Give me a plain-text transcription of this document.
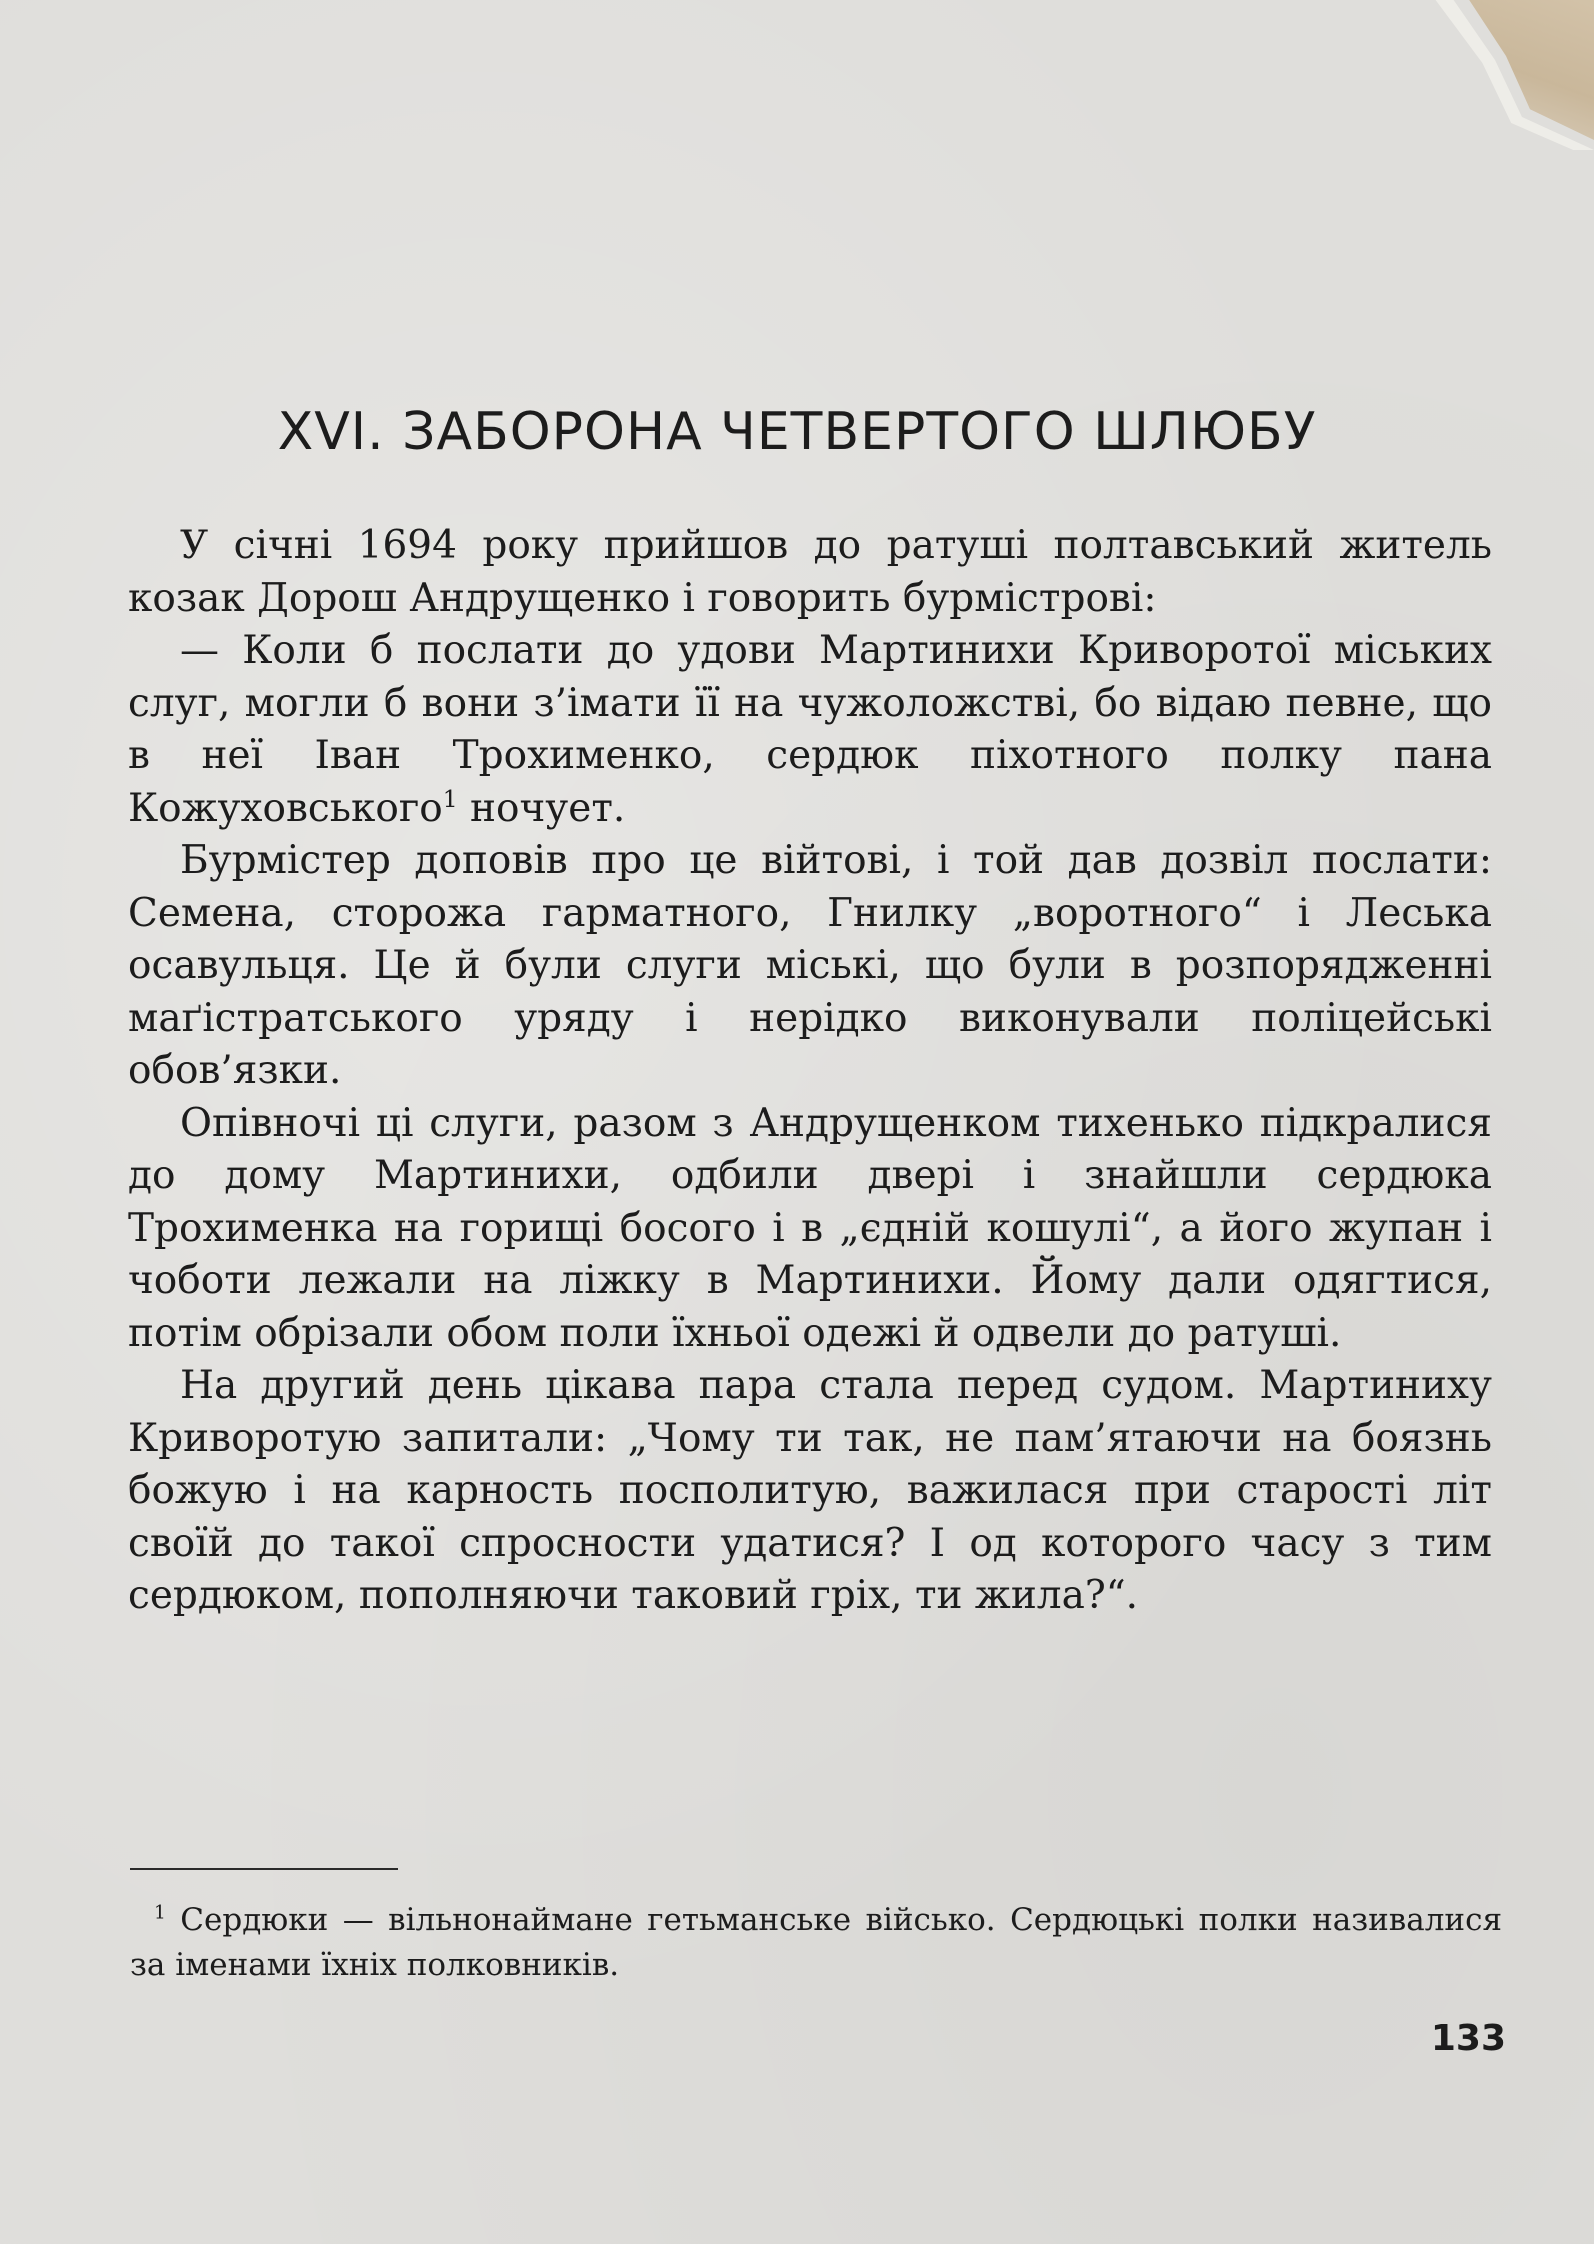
XVI. ЗАБОРОНА ЧЕТВЕРТОГО ШЛЮБУ

У січні 1694 року прийшов до ратуші полтавський житель козак Дорош Андрущенко і говорить бурмістрові:

— Коли б послати до удови Мартинихи Криворотої міських слуг, могли б вони з’імати її на чужоложстві, бо відаю певне, що в неї Іван Трохименко, сердюк піхотного полку пана Кожуховського$^1$ ночует.

Бурмістер доповів про це війтові, і той дав дозвіл послати: Семена, сторожа гарматного, Гнилку „воротного“ і Леська осавульця. Це й були слуги міські, що були в розпорядженні маґістратського уряду і нерідко виконували поліцейські обов’язки.

Опівночі ці слуги, разом з Андрущенком тихенько підкралися до дому Мартинихи, одбили двері і знайшли сердюка Трохименка на горищі босого і в „єдній кошулі“, а його жупан і чоботи лежали на ліжку в Мартинихи. Йому дали одягтися, потім обрізали обом поли їхньої одежі й одвели до ратуші.

На другий день цікава пара стала перед судом. Мартиниху Криворотую запитали: „Чому ти так, не пам’ятаючи на боязнь божую і на карность посполитую, важилася при старості літ своїй до такої спросности удатися? І од которого часу з тим сердюком, пополняючи таковий гріх, ти жила?“.

$^1$ Сердюки — вільнонаймане гетьманське військо. Сердюцькі полки називалися за іменами їхніх полковників.

133
